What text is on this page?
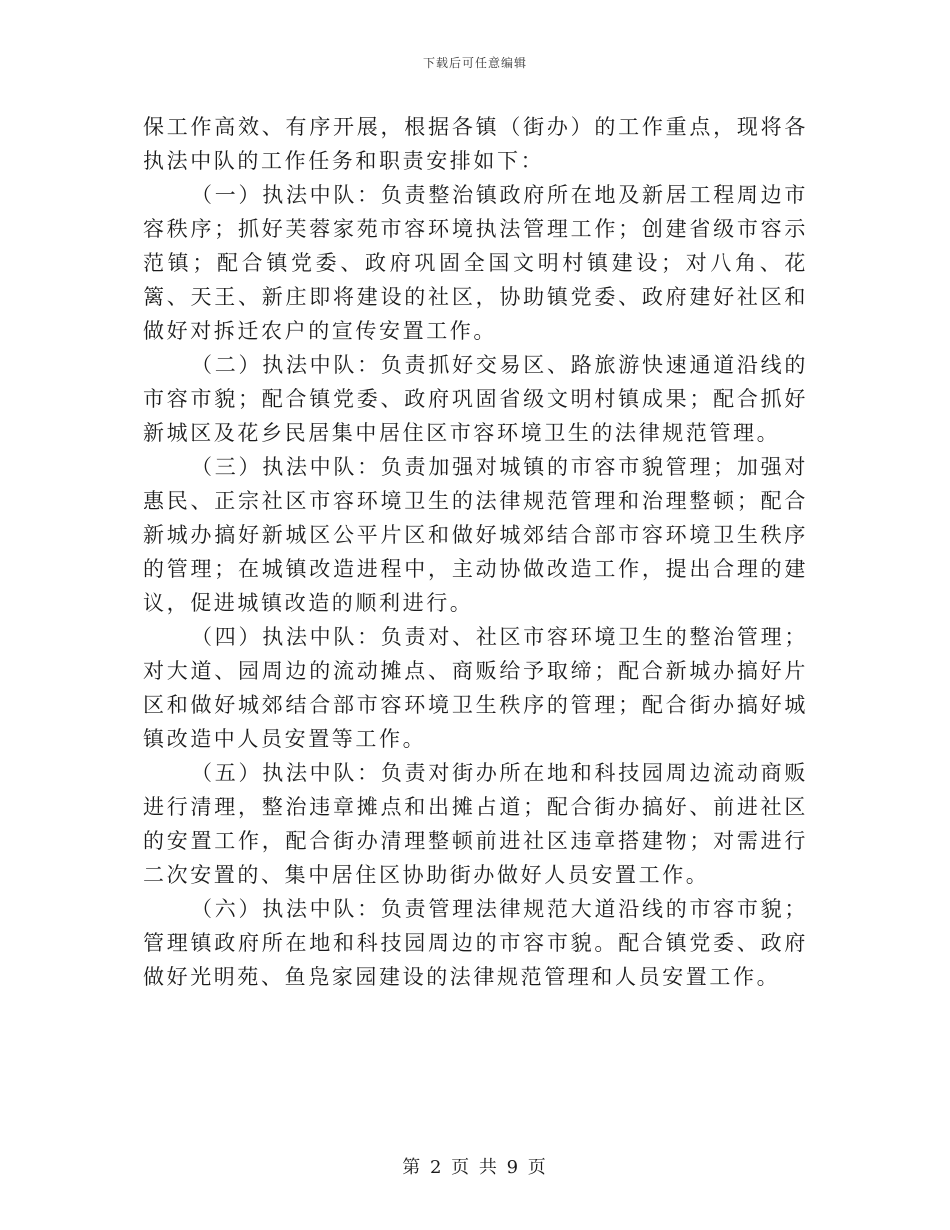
下载后可任意编辑

保工作高效、有序开展，根据各镇（街办）的工作重点，现将各执法中队的工作任务和职责安排如下：

（一）执法中队：负责整治镇政府所在地及新居工程周边市容秩序；抓好芙蓉家苑市容环境执法管理工作；创建省级市容示范镇；配合镇党委、政府巩固全国文明村镇建设；对八角、花篱、天王、新庄即将建设的社区，协助镇党委、政府建好社区和做好对拆迁农户的宣传安置工作。

（二）执法中队：负责抓好交易区、路旅游快速通道沿线的市容市貌；配合镇党委、政府巩固省级文明村镇成果；配合抓好新城区及花乡民居集中居住区市容环境卫生的法律规范管理。

（三）执法中队：负责加强对城镇的市容市貌管理；加强对惠民、正宗社区市容环境卫生的法律规范管理和治理整顿；配合新城办搞好新城区公平片区和做好城郊结合部市容环境卫生秩序的管理；在城镇改造进程中，主动协做改造工作，提出合理的建议，促进城镇改造的顺利进行。

（四）执法中队：负责对、社区市容环境卫生的整治管理；对大道、园周边的流动摊点、商贩给予取缔；配合新城办搞好片区和做好城郊结合部市容环境卫生秩序的管理；配合街办搞好城镇改造中人员安置等工作。

（五）执法中队：负责对街办所在地和科技园周边流动商贩进行清理，整治违章摊点和出摊占道；配合街办搞好、前进社区的安置工作，配合街办清理整顿前进社区违章搭建物；对需进行二次安置的、集中居住区协助街办做好人员安置工作。

（六）执法中队：负责管理法律规范大道沿线的市容市貌；管理镇政府所在地和科技园周边的市容市貌。配合镇党委、政府做好光明苑、鱼凫家园建设的法律规范管理和人员安置工作。

第 2 页 共 9 页
